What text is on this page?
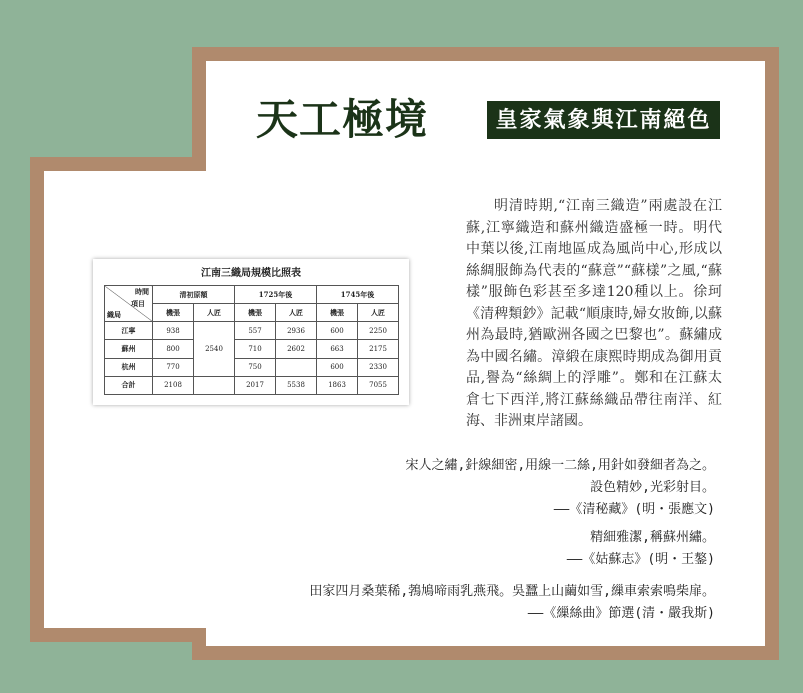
天工極境	皇家氣象與江南絕色

明清時期,“江南三織造”兩處設在江蘇,江寧織造和蘇州織造盛極一時。明代中葉以後,江南地區成為風尚中心,形成以絲綢服飾為代表的“蘇意”“蘇樣”之風,“蘇樣”服飾色彩甚至多達120種以上。徐珂《清稗類鈔》記載“順康時,婦女妝飾,以蘇州為最時,猶歐洲各國之巴黎也”。蘇繡成為中國名繡。漳緞在康熙時期成為御用貢品,譽為“絲綢上的浮雕”。鄭和在江蘇太倉七下西洋,將江蘇絲織品帶往南洋、紅海、非洲東岸諸國。

江南三織局規模比照表
時間
項目
織局	清初原額		1725年後		1745年後	
	機張	人匠	機張	人匠	機張	人匠
江寧	938	2540	557	2936	600	2250
蘇州	800		710	2602	663	2175
杭州	770		750		600	2330
合計	2108		2017	5538	1863	7055
宋人之繡,針線細密,用線一二絲,用針如發細者為之。
設色精妙,光彩射目。
——《清秘藏》(明・張應文)
精細雅潔,稱蘇州繡。
——《姑蘇志》(明・王鏊)
田家四月桑葉稀,鵓鳩啼雨乳燕飛。吳蠶上山繭如雪,繅車索索鳴柴扉。
——《繅絲曲》節選(清・嚴我斯)
